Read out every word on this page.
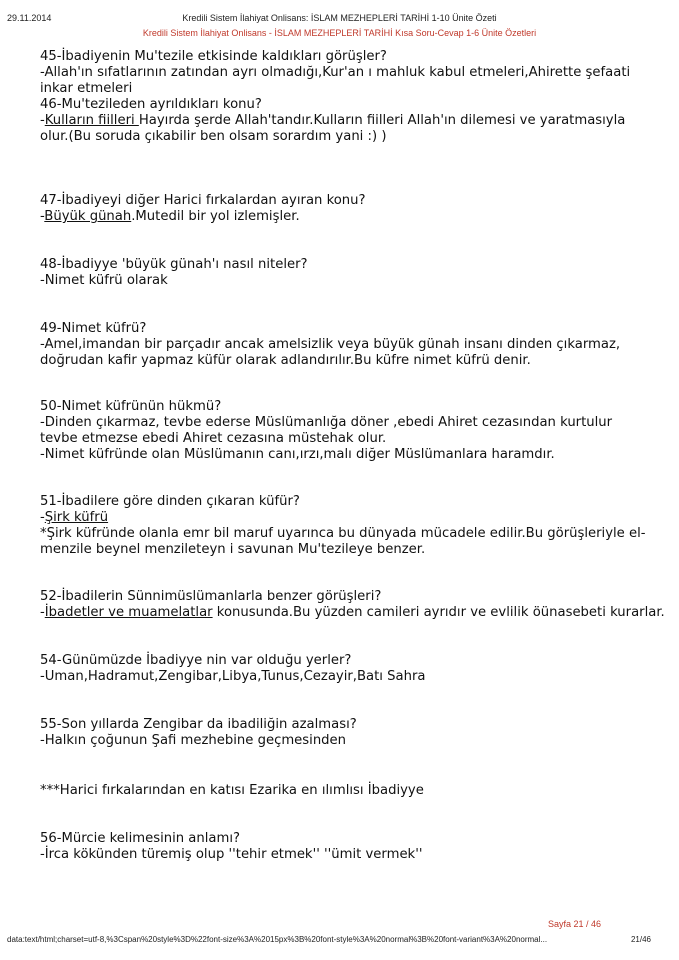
29.11.2014	Kredili Sistem İlahiyat Onlisans: İSLAM MEZHEPLERİ TARİHİ 1-10 Ünite Özeti
Kredili Sistem İlahiyat Onlisans - İSLAM MEZHEPLERİ TARİHİ Kısa Soru-Cevap 1-6 Ünite Özetleri

45-İbadiyenin Mu'tezile etkisinde kaldıkları görüşler?

-Allah'ın sıfatlarının zatından ayrı olmadığı,Kur'an ı mahluk kabul etmeleri,Ahirette şefaati

inkar etmeleri

46-Mu'tezileden ayrıldıkları konu?

-Kulların fiilleri Hayırda şerde Allah'tandır.Kulların fiilleri Allah'ın dilemesi ve yaratmasıyla

olur.(Bu soruda çıkabilir ben olsam sorardım yani :) )

47-İbadiyeyi diğer Harici fırkalardan ayıran konu?

-Büyük günah.Mutedil bir yol izlemişler.

48-İbadiyye 'büyük günah'ı nasıl niteler?

-Nimet küfrü olarak

49-Nimet küfrü?

-Amel,imandan bir parçadır ancak amelsizlik veya büyük günah insanı dinden çıkarmaz,

doğrudan kafir yapmaz küfür olarak adlandırılır.Bu küfre nimet küfrü denir.

50-Nimet küfrünün hükmü?

-Dinden çıkarmaz, tevbe ederse Müslümanlığa döner ,ebedi Ahiret cezasından kurtulur

tevbe etmezse ebedi Ahiret cezasına müstehak olur.

-Nimet küfründe olan Müslümanın canı,ırzı,malı diğer Müslümanlara haramdır.

51-İbadilere göre dinden çıkaran küfür?

-Şirk küfrü

*Şirk küfründe olanla emr bil maruf uyarınca bu dünyada mücadele edilir.Bu görüşleriyle el-

menzile beynel menzileteyn i savunan Mu'tezileye benzer.

52-İbadilerin Sünnimüslümanlarla benzer görüşleri?

-İbadetler ve muamelatlar konusunda.Bu yüzden camileri ayrıdır ve evlilik öünasebeti kurarlar.

54-Günümüzde İbadiyye nin var olduğu yerler?

-Uman,Hadramut,Zengibar,Libya,Tunus,Cezayir,Batı Sahra

55-Son yıllarda Zengibar da ibadiliğin azalması?

-Halkın çoğunun Şafi mezhebine geçmesinden

***Harici fırkalarından en katısı Ezarika en ılımlısı İbadiyye

56-Mürcie kelimesinin anlamı?

-İrca kökünden türemiş olup ''tehir etmek'' ''ümit vermek''

Sayfa 21 / 46
data:text/html;charset=utf-8,%3Cspan%20style%3D%22font-size%3A%2015px%3B%20font-style%3A%20normal%3B%20font-variant%3A%20normal...	21/46
